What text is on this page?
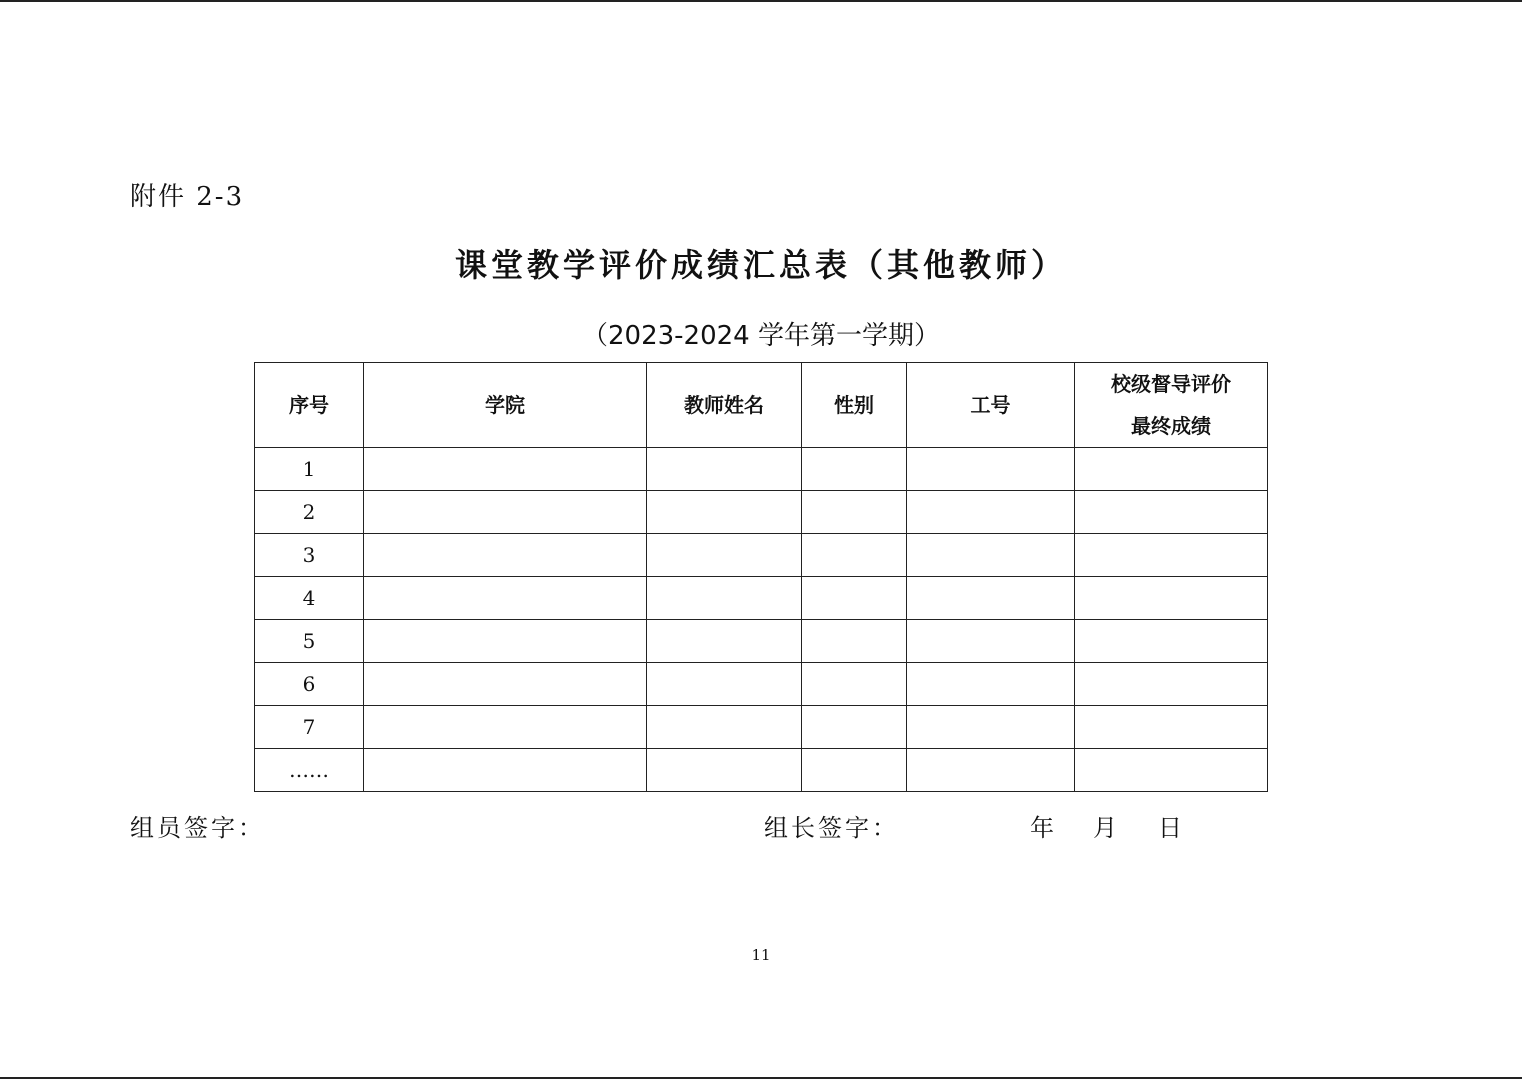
附件 2-3
课堂教学评价成绩汇总表（其他教师）
（2023-2024 学年第一学期）
序号	学院	教师姓名	性别	工号	校级督导评价
最终成绩

1					
2					
3					
4					
5					
6					
7					
……					
组员签字：	组长签字：	年 月 日
11
